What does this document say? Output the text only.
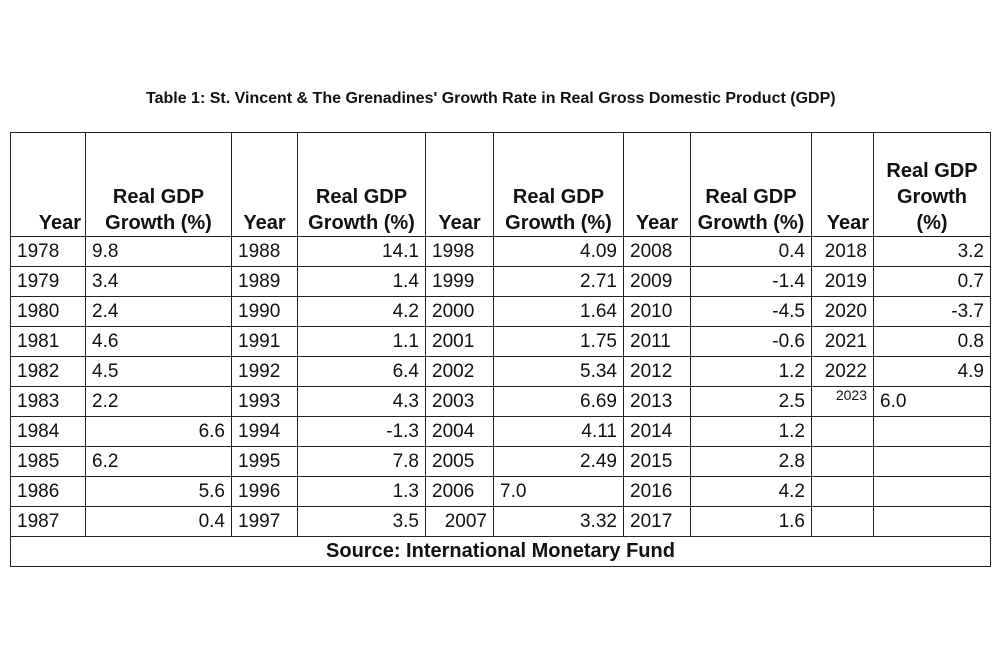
Table 1: St. Vincent & The Grenadines' Growth Rate in Real Gross Domestic Product (GDP)
Year	Real GDP Growth (%)	Year	Real GDP Growth (%)	Year	Real GDP Growth (%)	Year	Real GDP Growth (%)	Year	Real GDP Growth (%)
1978	9.8	1988	14.1	1998	4.09	2008	0.4	2018	3.2
1979	3.4	1989	1.4	1999	2.71	2009	-1.4	2019	0.7
1980	2.4	1990	4.2	2000	1.64	2010	-4.5	2020	-3.7
1981	4.6	1991	1.1	2001	1.75	2011	-0.6	2021	0.8
1982	4.5	1992	6.4	2002	5.34	2012	1.2	2022	4.9
1983	2.2	1993	4.3	2003	6.69	2013	2.5	2023	6.0
1984	6.6	1994	-1.3	2004	4.11	2014	1.2		
1985	6.2	1995	7.8	2005	2.49	2015	2.8		
1986	5.6	1996	1.3	2006	7.0	2016	4.2		
1987	0.4	1997	3.5	2007	3.32	2017	1.6		
Source: International Monetary Fund									
